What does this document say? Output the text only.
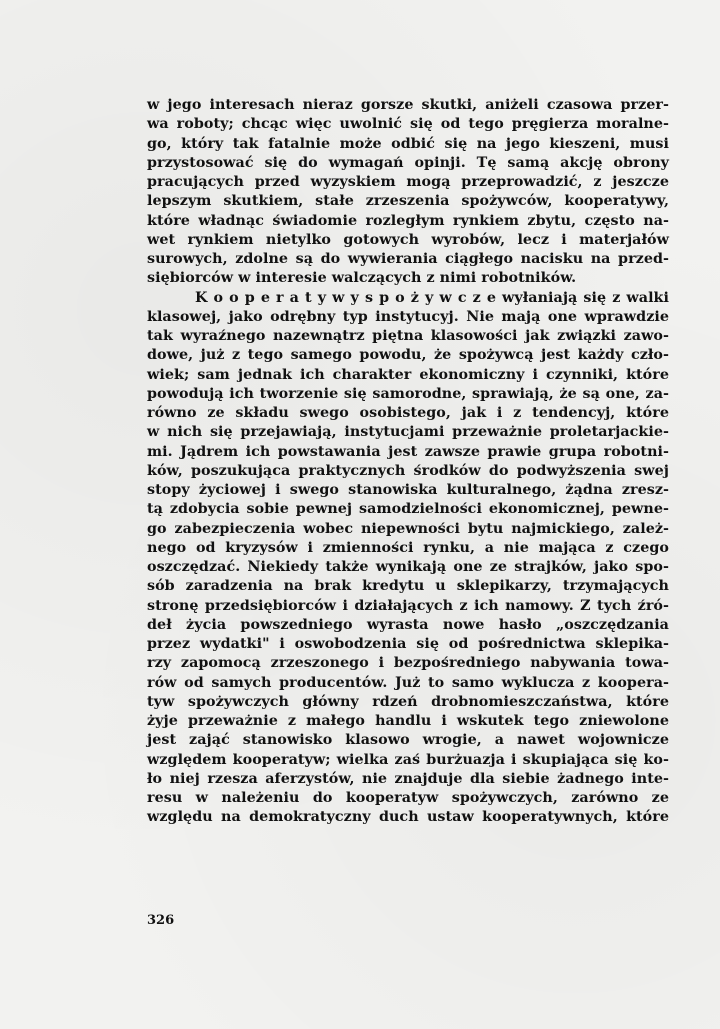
w jego interesach nieraz gorsze skutki, aniżeli czasowa przer-
wa roboty; chcąc więc uwolnić się od tego pręgierza moralne-
go, który tak fatalnie może odbić się na jego kieszeni, musi
przystosować się do wymagań opinji. Tę samą akcję obrony
pracujących przed wyzyskiem mogą przeprowadzić, z jeszcze
lepszym skutkiem, stałe zrzeszenia spożywców, kooperatywy,
które władnąc świadomie rozległym rynkiem zbytu, często na-
wet rynkiem nietylko gotowych wyrobów, lecz i materjałów
surowych, zdolne są do wywierania ciągłego nacisku na przed-
siębiorców w interesie walczących z nimi robotników.
K o o p e r a t y w y s p o ż y w c z e wyłaniają się z walki
klasowej, jako odrębny typ instytucyj. Nie mają one wprawdzie
tak wyraźnego nazewnątrz piętna klasowości jak związki zawo-
dowe, już z tego samego powodu, że spożywcą jest każdy czło-
wiek; sam jednak ich charakter ekonomiczny i czynniki, które
powodują ich tworzenie się samorodne, sprawiają, że są one, za-
równo ze składu swego osobistego, jak i z tendencyj, które
w nich się przejawiają, instytucjami przeważnie proletarjackie-
mi. Jądrem ich powstawania jest zawsze prawie grupa robotni-
ków, poszukująca praktycznych środków do podwyższenia swej
stopy życiowej i swego stanowiska kulturalnego, żądna zresz-
tą zdobycia sobie pewnej samodzielności ekonomicznej, pewne-
go zabezpieczenia wobec niepewności bytu najmickiego, zależ-
nego od kryzysów i zmienności rynku, a nie mająca z czego
oszczędzać. Niekiedy także wynikają one ze strajków, jako spo-
sób zaradzenia na brak kredytu u sklepikarzy, trzymających
stronę przedsiębiorców i działających z ich namowy. Z tych źró-
deł życia powszedniego wyrasta nowe hasło „oszczędzania
przez wydatki" i oswobodzenia się od pośrednictwa sklepika-
rzy zapomocą zrzeszonego i bezpośredniego nabywania towa-
rów od samych producentów. Już to samo wyklucza z koopera-
tyw spożywczych główny rdzeń drobnomieszczaństwa, które
żyje przeważnie z małego handlu i wskutek tego zniewolone
jest zająć stanowisko klasowo wrogie, a nawet wojownicze
względem kooperatyw; wielka zaś burżuazja i skupiająca się ko-
ło niej rzesza aferzystów, nie znajduje dla siebie żadnego inte-
resu w należeniu do kooperatyw spożywczych, zarówno ze
względu na demokratyczny duch ustaw kooperatywnych, które
326
